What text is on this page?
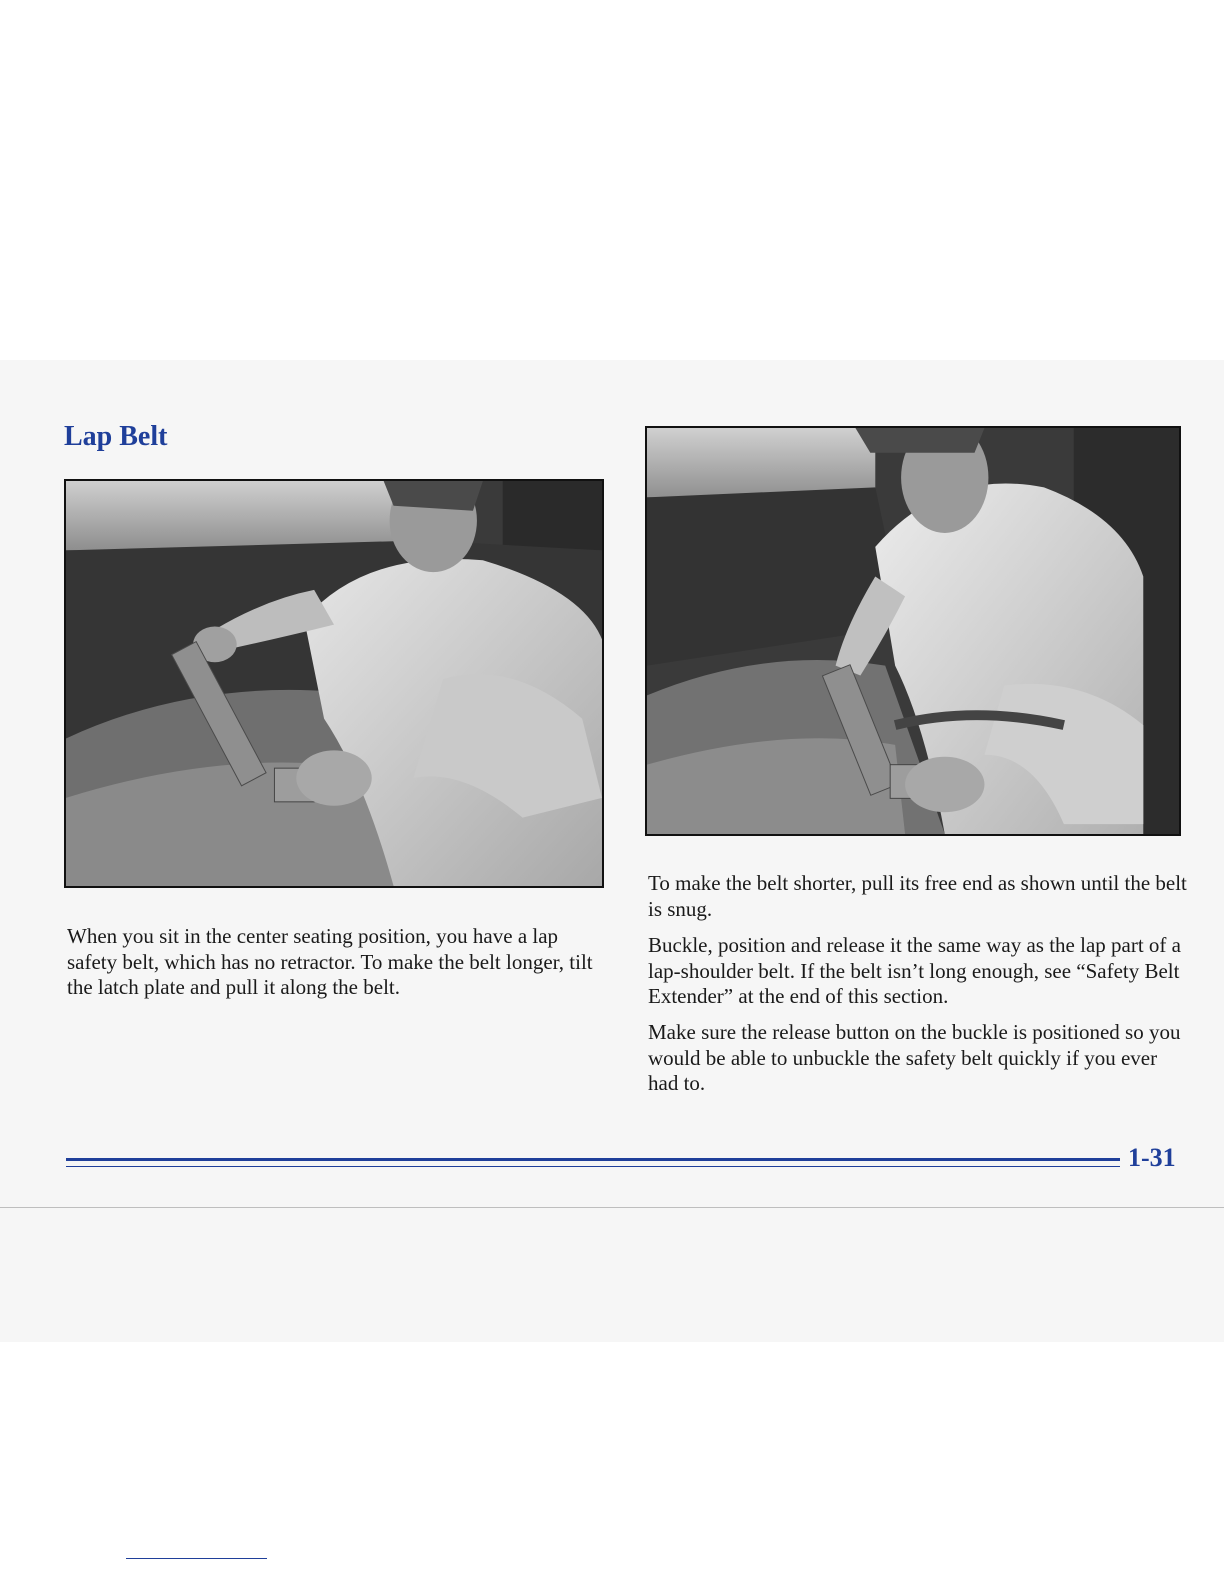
Lap Belt

When you sit in the center seating position, you have a lap safety belt, which has no retractor. To make the belt longer, tilt the latch plate and pull it along the belt.

To make the belt shorter, pull its free end as shown until the belt is snug.

Buckle, position and release it the same way as the lap part of a lap-shoulder belt. If the belt isn’t long enough, see “Safety Belt Extender” at the end of this section.

Make sure the release button on the buckle is positioned so you would be able to unbuckle the safety belt quickly if you ever had to.

1-31
